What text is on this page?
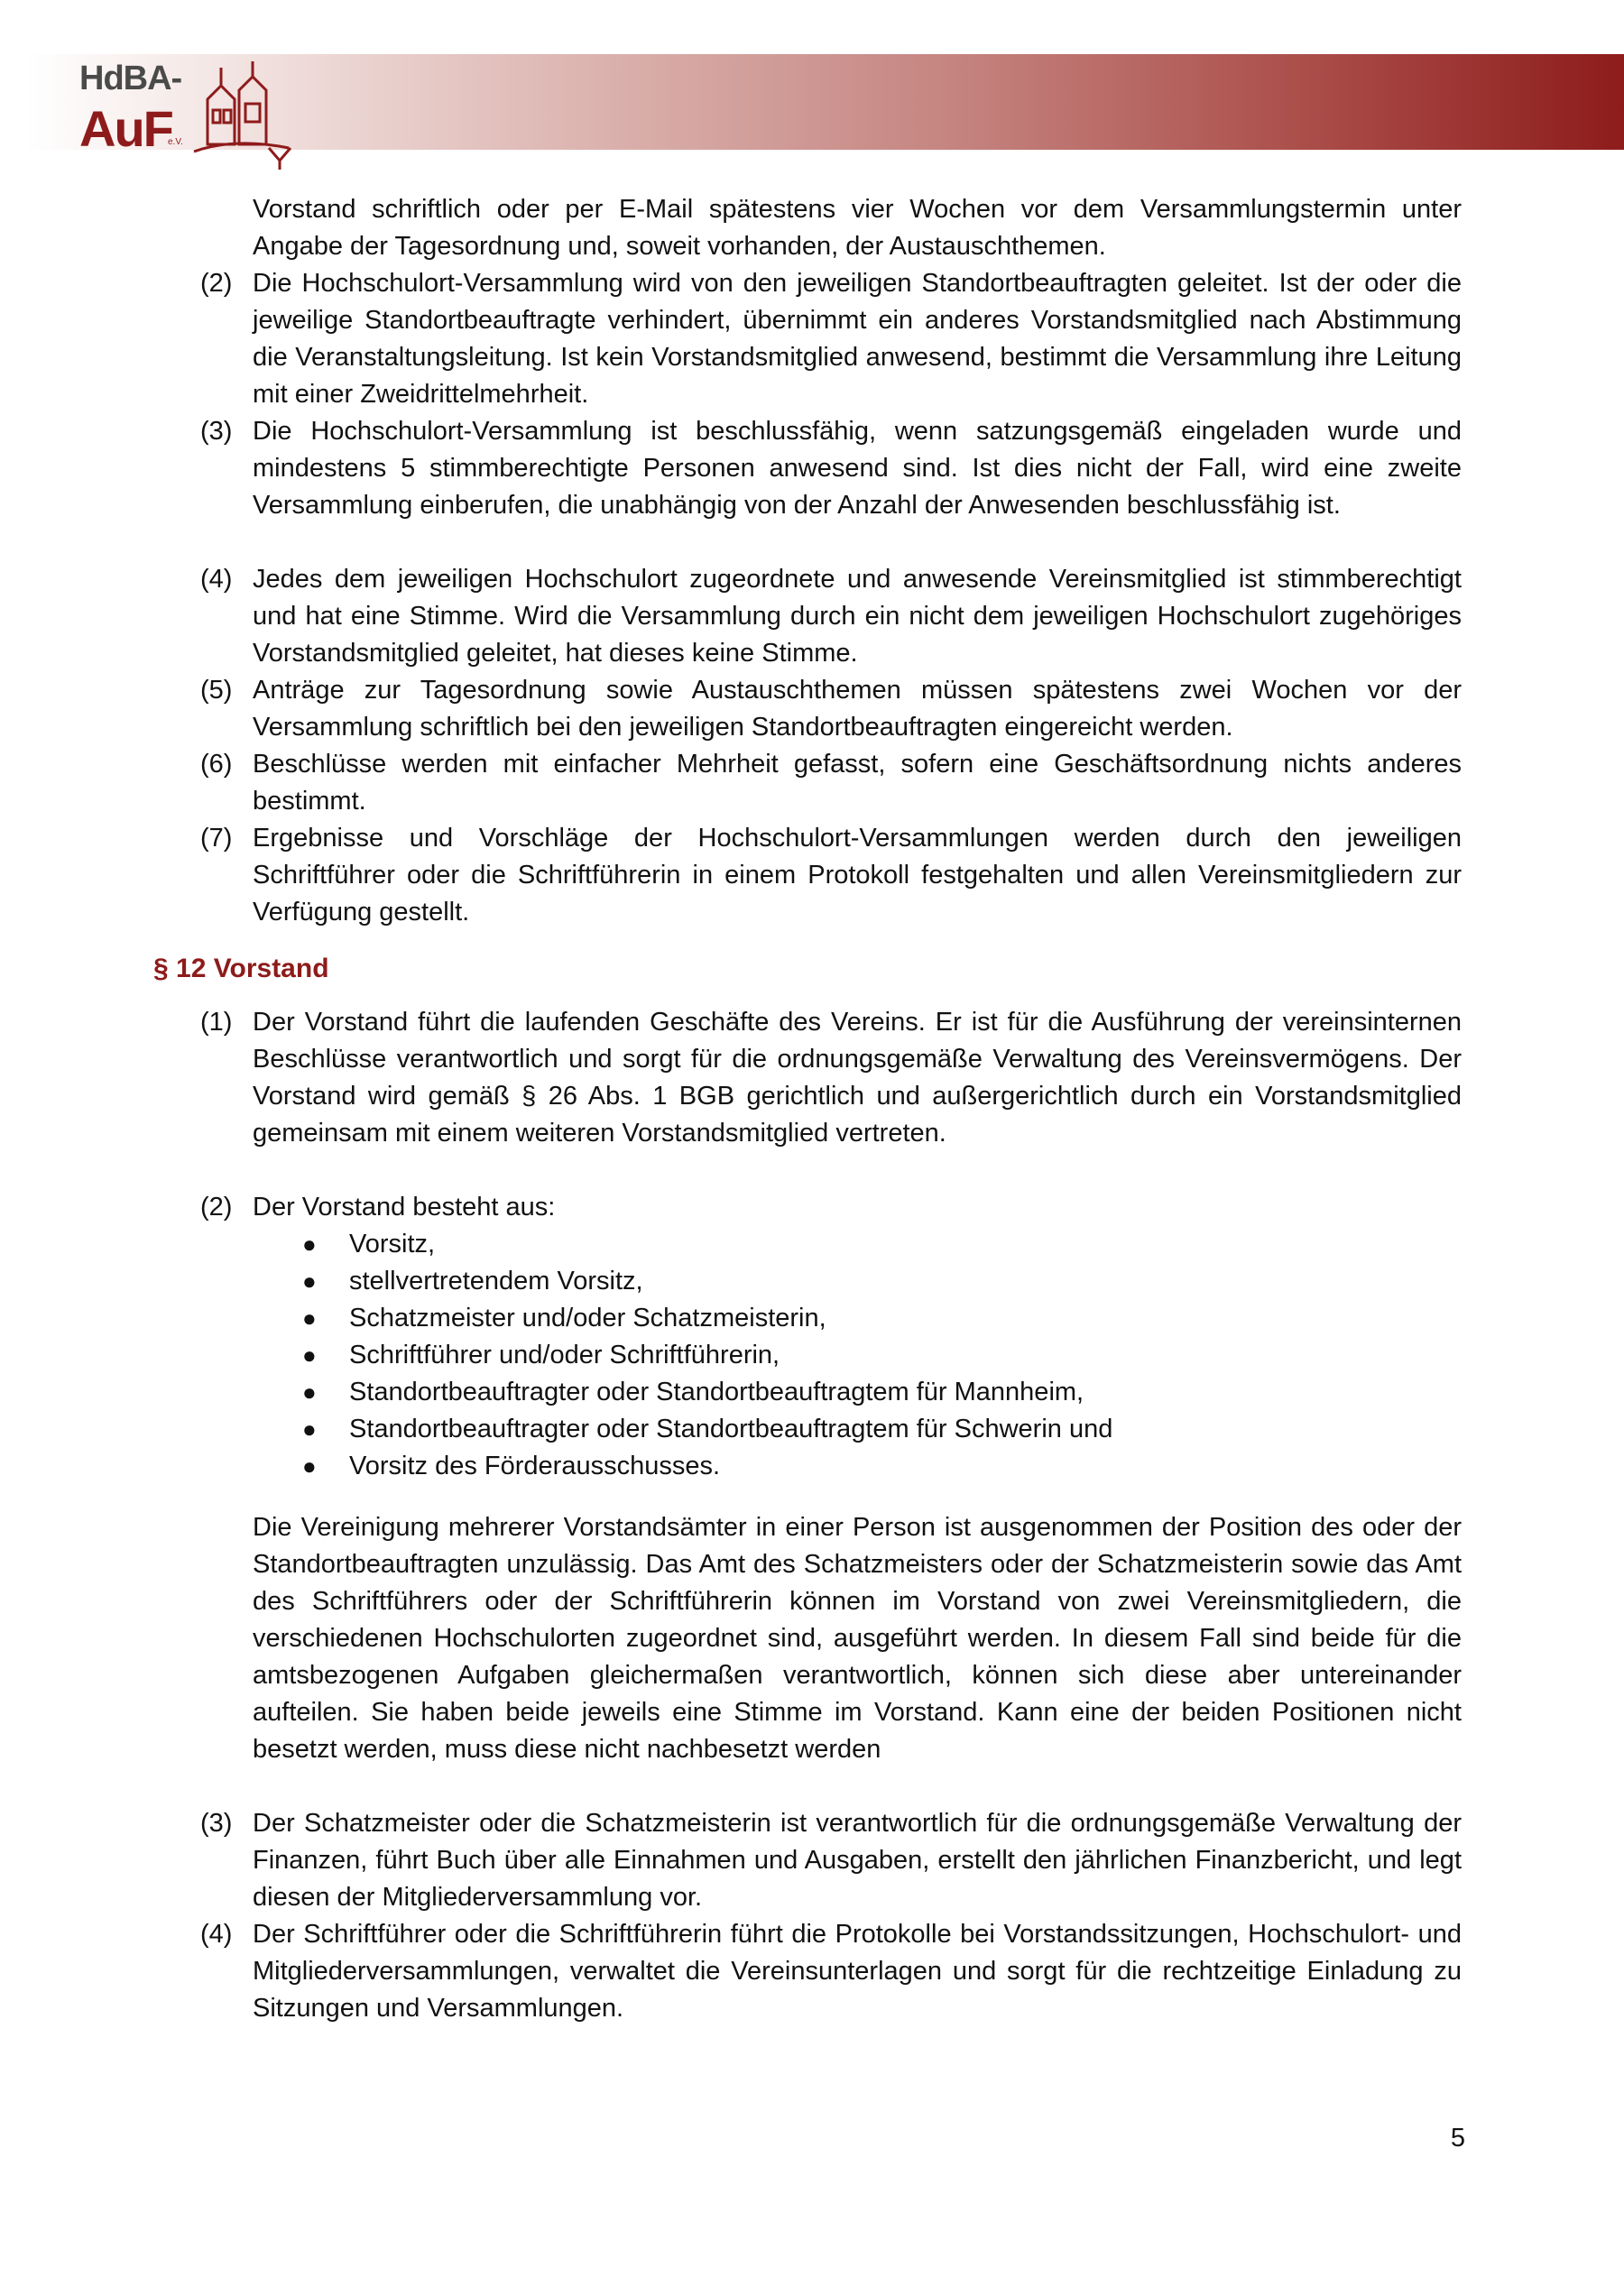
HdBA-
AuF
e.V.
Vorstand schriftlich oder per E-Mail spätestens vier Wochen vor dem Versammlungstermin unter Angabe der Tagesordnung und, soweit vorhanden, der Austauschthemen.
(2) Die Hochschulort-Versammlung wird von den jeweiligen Standortbeauftragten geleitet. Ist der oder die jeweilige Standortbeauftragte verhindert, übernimmt ein anderes Vorstandsmitglied nach Abstimmung die Veranstaltungsleitung. Ist kein Vorstandsmitglied anwesend, bestimmt die Versammlung ihre Leitung mit einer Zweidrittelmehrheit.
(3) Die Hochschulort-Versammlung ist beschlussfähig, wenn satzungsgemäß eingeladen wurde und mindestens 5 stimmberechtigte Personen anwesend sind. Ist dies nicht der Fall, wird eine zweite Versammlung einberufen, die unabhängig von der Anzahl der Anwesenden beschlussfähig ist.
(4) Jedes dem jeweiligen Hochschulort zugeordnete und anwesende Vereinsmitglied ist stimmberechtigt und hat eine Stimme. Wird die Versammlung durch ein nicht dem jeweiligen Hochschulort zugehöriges Vorstandsmitglied geleitet, hat dieses keine Stimme.
(5) Anträge zur Tagesordnung sowie Austauschthemen müssen spätestens zwei Wochen vor der Versammlung schriftlich bei den jeweiligen Standortbeauftragten eingereicht werden.
(6) Beschlüsse werden mit einfacher Mehrheit gefasst, sofern eine Geschäftsordnung nichts anderes bestimmt.
(7) Ergebnisse und Vorschläge der Hochschulort-Versammlungen werden durch den jeweiligen Schriftführer oder die Schriftführerin in einem Protokoll festgehalten und allen Vereinsmitgliedern zur Verfügung gestellt.
§ 12 Vorstand
(1) Der Vorstand führt die laufenden Geschäfte des Vereins. Er ist für die Ausführung der vereinsinternen Beschlüsse verantwortlich und sorgt für die ordnungsgemäße Verwaltung des Vereinsvermögens. Der Vorstand wird gemäß § 26 Abs. 1 BGB gerichtlich und außergerichtlich durch ein Vorstandsmitglied gemeinsam mit einem weiteren Vorstandsmitglied vertreten.
(2) Der Vorstand besteht aus:
● Vorsitz,
● stellvertretendem Vorsitz,
● Schatzmeister und/oder Schatzmeisterin,
● Schriftführer und/oder Schriftführerin,
● Standortbeauftragter oder Standortbeauftragtem für Mannheim,
● Standortbeauftragter oder Standortbeauftragtem für Schwerin und
● Vorsitz des Förderausschusses.
Die Vereinigung mehrerer Vorstandsämter in einer Person ist ausgenommen der Position des oder der Standortbeauftragten unzulässig. Das Amt des Schatzmeisters oder der Schatzmeisterin sowie das Amt des Schriftführers oder der Schriftführerin können im Vorstand von zwei Vereinsmitgliedern, die verschiedenen Hochschulorten zugeordnet sind, ausgeführt werden. In diesem Fall sind beide für die amtsbezogenen Aufgaben gleichermaßen verantwortlich, können sich diese aber untereinander aufteilen. Sie haben beide jeweils eine Stimme im Vorstand. Kann eine der beiden Positionen nicht besetzt werden, muss diese nicht nachbesetzt werden
(3) Der Schatzmeister oder die Schatzmeisterin ist verantwortlich für die ordnungsgemäße Verwaltung der Finanzen, führt Buch über alle Einnahmen und Ausgaben, erstellt den jährlichen Finanzbericht, und legt diesen der Mitgliederversammlung vor.
(4) Der Schriftführer oder die Schriftführerin führt die Protokolle bei Vorstandssitzungen, Hochschulort- und Mitgliederversammlungen, verwaltet die Vereinsunterlagen und sorgt für die rechtzeitige Einladung zu Sitzungen und Versammlungen.
5
